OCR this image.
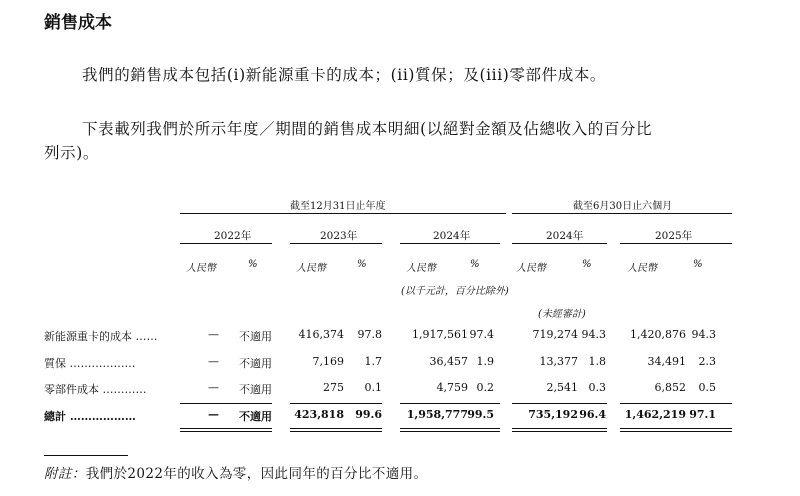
銷售成本
我們的銷售成本包括(i)新能源重卡的成本；(ii)質保；及(iii)零部件成本。
下表載列我們於所示年度／期間的銷售成本明細(以絕對金額及佔總收入的百分比
列示)。
截至12月31日止年度	截至6月30日止六個月
2022年	2023年	2024年	2024年	2025年
人民幣	%	人民幣	%	人民幣	%	人民幣	%	人民幣	%
(以千元計，百分比除外)
(未經審計)
新能源重卡的成本 ……	— 不適用 416,374 97.8	1,917,561 97.4	719,274 94.3 1,420,876 94.3
質保 ………………	— 不適用	7,169 1.7	36,457 1.9	13,377 1.8	34,491 2.3
零部件成本 …………	— 不適用	275 0.1	4,759 0.2	2,541 0.3	6,852 0.5
總計 ………………	— 不適用 423,818 99.6 1,958,777 99.5	735,192 96.4 1,462,219 97.1
附註：我們於2022年的收入為零，因此同年的百分比不適用。
